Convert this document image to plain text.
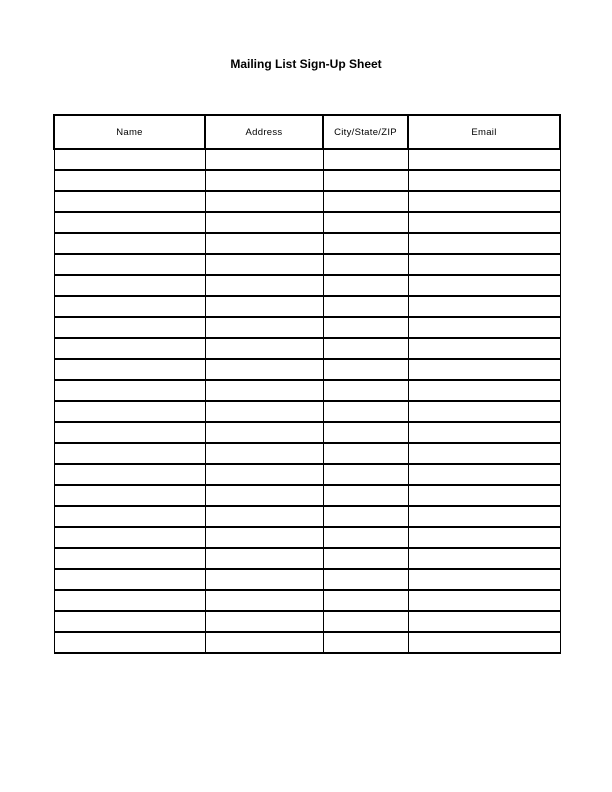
Mailing List Sign-Up Sheet
Name	Address	City/State/ZIP	Email
